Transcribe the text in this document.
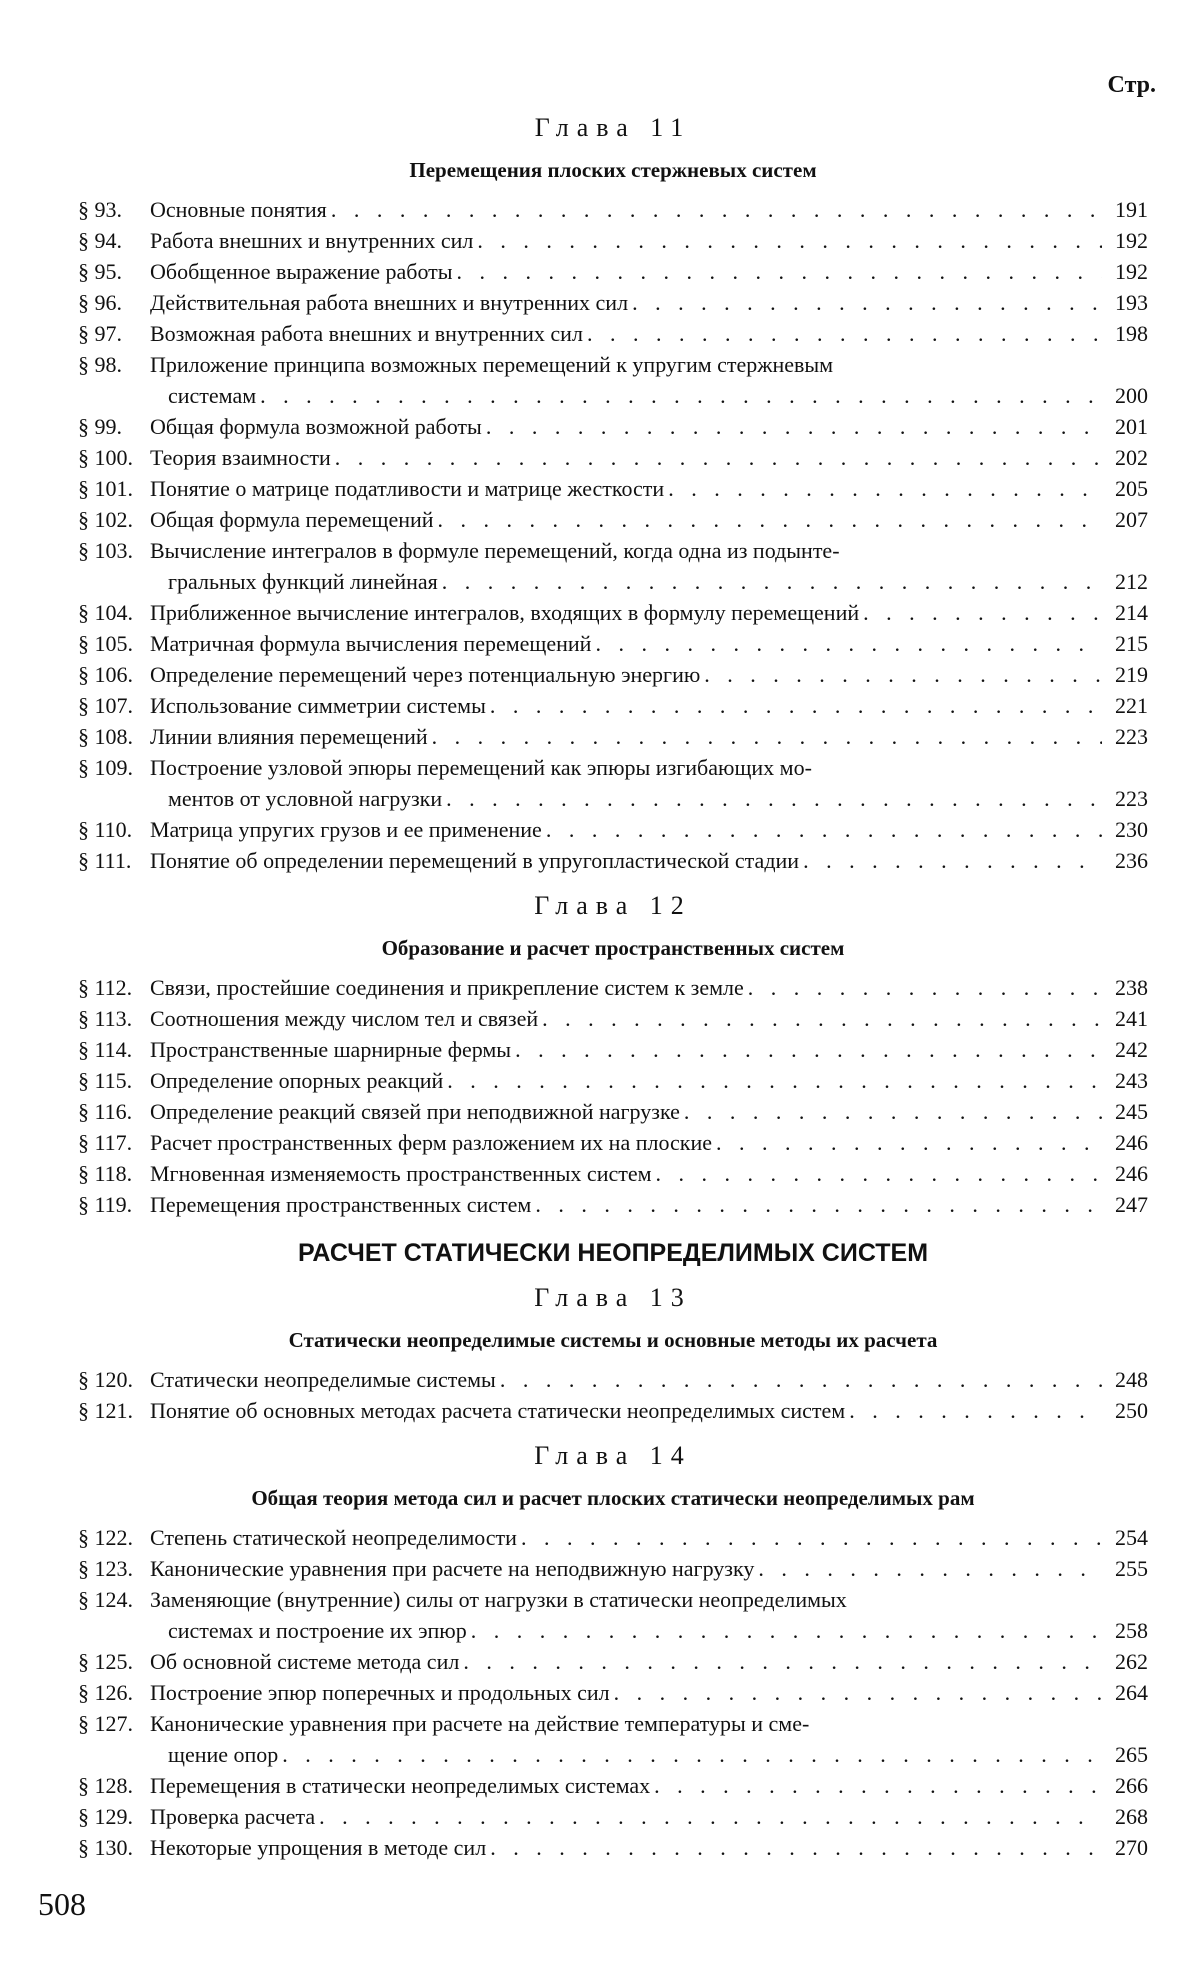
Стр.
Глава 11
Перемещения плоских стержневых систем
§ 93.	Основные понятия . . .	191
§ 94.	Работа внешних и внутренних сил . . .	192
§ 95.	Обобщенное выражение работы . . .	192
§ 96.	Действительная работа внешних и внутренних сил . . .	193
§ 97.	Возможная работа внешних и внутренних сил . . .	198
§ 98.	Приложение принципа возможных перемещений к упругим стержневым
системам . . .	200
§ 99.	Общая формула возможной работы . . .	201
§ 100. Теория взаимности . . .	202
§ 101. Понятие о матрице податливости и матрице жесткости . . .	205
§ 102. Общая формула перемещений . . .	207
§ 103. Вычисление интегралов в формуле перемещений, когда одна из подынте-
гральных функций линейная . . .	212
§ 104. Приближенное вычисление интегралов, входящих в формулу перемещений . . .	214
§ 105. Матричная формула вычисления перемещений . . .	215
§ 106. Определение перемещений через потенциальную энергию . . .	219
§ 107. Использование симметрии системы . . .	221
§ 108. Линии влияния перемещений . . .	223
§ 109. Построение узловой эпюры перемещений как эпюры изгибающих мо-
ментов от условной нагрузки . . .	223
§ 110. Матрица упругих грузов и ее применение . . .	230
§ 111. Понятие об определении перемещений в упругопластической стадии . . .	236
Глава 12
Образование и расчет пространственных систем
§ 112. Связи, простейшие соединения и прикрепление систем к земле . . .	238
§ 113. Соотношения между числом тел и связей . . .	241
§ 114. Пространственные шарнирные фермы . . .	242
§ 115. Определение опорных реакций . . .	243
§ 116. Определение реакций связей при неподвижной нагрузке . . .	245
§ 117. Расчет пространственных ферм разложением их на плоские . . .	246
§ 118. Мгновенная изменяемость пространственных систем . . .	246
§ 119. Перемещения пространственных систем . . .	247
РАСЧЕТ СТАТИЧЕСКИ НЕОПРЕДЕЛИМЫХ СИСТЕМ
Глава 13
Статически неопределимые системы и основные методы их расчета
§ 120. Статически неопределимые системы . . .	248
§ 121. Понятие об основных методах расчета статически неопределимых систем . . .	250
Глава 14
Общая теория метода сил и расчет плоских статически неопределимых рам
§ 122. Степень статической неопределимости . . .	254
§ 123. Канонические уравнения при расчете на неподвижную нагрузку . . .	255
§ 124. Заменяющие (внутренние) силы от нагрузки в статически неопределимых
системах и построение их эпюр . . .	258
§ 125. Об основной системе метода сил . . .	262
§ 126. Построение эпюр поперечных и продольных сил . . .	264
§ 127. Канонические уравнения при расчете на действие температуры и сме-
щение опор . . .	265
§ 128. Перемещения в статически неопределимых системах . . .	266
§ 129. Проверка расчета . . .	268
§ 130. Некоторые упрощения в методе сил . . .	270
508
